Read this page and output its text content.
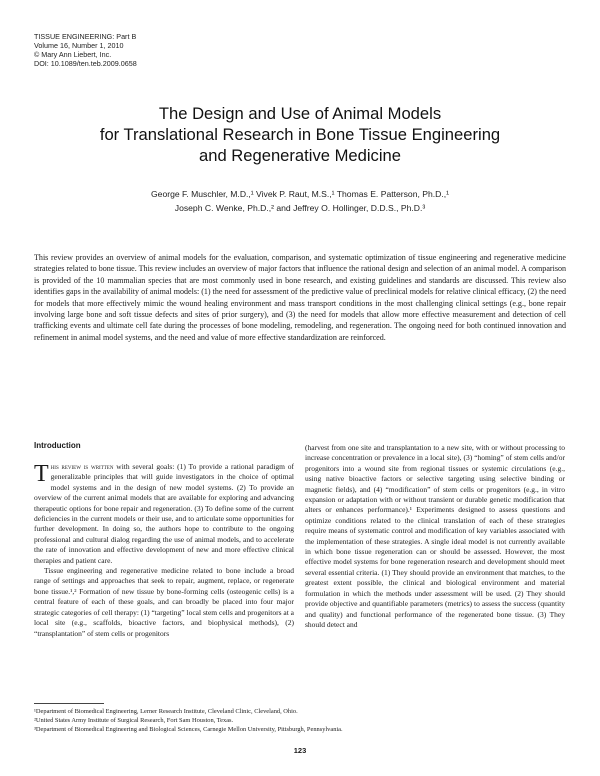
TISSUE ENGINEERING: Part B
Volume 16, Number 1, 2010
© Mary Ann Liebert, Inc.
DOI: 10.1089/ten.teb.2009.0658
The Design and Use of Animal Models
for Translational Research in Bone Tissue Engineering
and Regenerative Medicine
George F. Muschler, M.D.,¹ Vivek P. Raut, M.S.,¹ Thomas E. Patterson, Ph.D.,¹
Joseph C. Wenke, Ph.D.,² and Jeffrey O. Hollinger, D.D.S., Ph.D.³
This review provides an overview of animal models for the evaluation, comparison, and systematic optimization of tissue engineering and regenerative medicine strategies related to bone tissue. This review includes an overview of major factors that influence the rational design and selection of an animal model. A comparison is provided of the 10 mammalian species that are most commonly used in bone research, and existing guidelines and standards are discussed. This review also identifies gaps in the availability of animal models: (1) the need for assessment of the predictive value of preclinical models for relative clinical efficacy, (2) the need for models that more effectively mimic the wound healing environment and mass transport conditions in the most challenging clinical settings (e.g., bone repair involving large bone and soft tissue defects and sites of prior surgery), and (3) the need for models that allow more effective measurement and detection of cell trafficking events and ultimate cell fate during the processes of bone modeling, remodeling, and regeneration. The ongoing need for both continued innovation and refinement in animal model systems, and the need and value of more effective standardization are reinforced.
Introduction

This review is written with several goals: (1) To provide a rational paradigm of generalizable principles that will guide investigators in the choice of optimal model systems and in the design of new model systems. (2) To provide an overview of the current animal models that are available for exploring and advancing therapeutic options for bone repair and regeneration. (3) To define some of the current deficiencies in the current models or their use, and to articulate some opportunities for further development. In doing so, the authors hope to contribute to the ongoing professional and cultural dialog regarding the use of animal models, and to accelerate the rate of innovation and effective development of new and more effective clinical therapies and patient care.

Tissue engineering and regenerative medicine related to bone include a broad range of settings and approaches that seek to repair, augment, replace, or regenerate bone tissue.¹,² Formation of new tissue by bone-forming cells (osteogenic cells) is a central feature of each of these goals, and can broadly be placed into four major strategic categories of cell therapy: (1) “targeting” local stem cells and progenitors at a local site (e.g., scaffolds, bioactive factors, and biophysical methods), (2) “transplantation” of stem cells or progenitors

(harvest from one site and transplantation to a new site, with or without processing to increase concentration or prevalence in a local site), (3) “homing” of stem cells and/or progenitors into a wound site from regional tissues or systemic circulations (e.g., using native bioactive factors or selective targeting using selective binding or magnetic fields), and (4) “modification” of stem cells or progenitors (e.g., in vitro expansion or adaptation with or without transient or durable genetic modification that alters or enhances performance).¹ Experiments designed to assess questions and optimize conditions related to the clinical translation of each of these strategies require means of systematic control and modification of key variables associated with the implementation of these strategies. A single ideal model is not currently available in which bone tissue regeneration can or should be assessed. However, the most effective model systems for bone regeneration research and development should meet several essential criteria. (1) They should provide an environment that matches, to the greatest extent possible, the clinical and biological environment and material formulation in which the methods under assessment will be used. (2) They should provide objective and quantifiable parameters (metrics) to assess the success (quantity and quality) and functional performance of the regenerated bone tissue. (3) They should detect and

¹Department of Biomedical Engineering, Lerner Research Institute, Cleveland Clinic, Cleveland, Ohio.
²United States Army Institute of Surgical Research, Fort Sam Houston, Texas.
³Department of Biomedical Engineering and Biological Sciences, Carnegie Mellon University, Pittsburgh, Pennsylvania.
123
